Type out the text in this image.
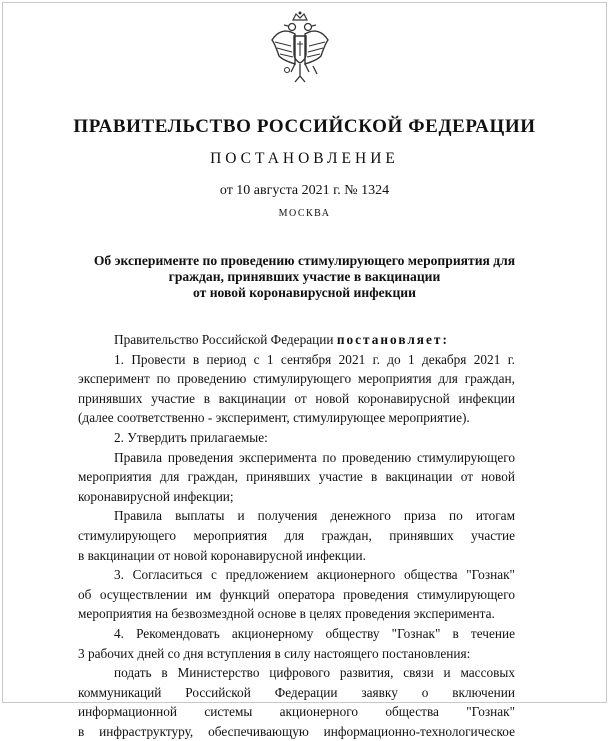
ПРАВИТЕЛЬСТВО РОССИЙСКОЙ ФЕДЕРАЦИИ
ПОСТАНОВЛЕНИЕ
от 10 августа 2021 г. № 1324
МОСКВА
Об эксперименте по проведению стимулирующего мероприятия для
граждан, принявших участие в вакцинации
от новой коронавирусной инфекции
Правительство Российской Федерации постановляет:
1. Провести в период с 1 сентября 2021 г. до 1 декабря 2021 г.
эксперимент по проведению стимулирующего мероприятия для граждан,
принявших участие в вакцинации от новой коронавирусной инфекции
(далее соответственно - эксперимент, стимулирующее мероприятие).
2. Утвердить прилагаемые:
Правила проведения эксперимента по проведению стимулирующего
мероприятия для граждан, принявших участие в вакцинации от новой
коронавирусной инфекции;
Правила выплаты и получения денежного приза по итогам
стимулирующего мероприятия для граждан, принявших участие
в вакцинации от новой коронавирусной инфекции.
3. Согласиться с предложением акционерного общества "Гознак"
об осуществлении им функций оператора проведения стимулирующего
мероприятия на безвозмездной основе в целях проведения эксперимента.
4. Рекомендовать акционерному обществу "Гознак" в течение
3 рабочих дней со дня вступления в силу настоящего постановления:
подать в Министерство цифрового развития, связи и массовых
коммуникаций Российской Федерации заявку о включении
информационной системы акционерного общества "Гознак"
в инфраструктуру, обеспечивающую информационно-технологическое
